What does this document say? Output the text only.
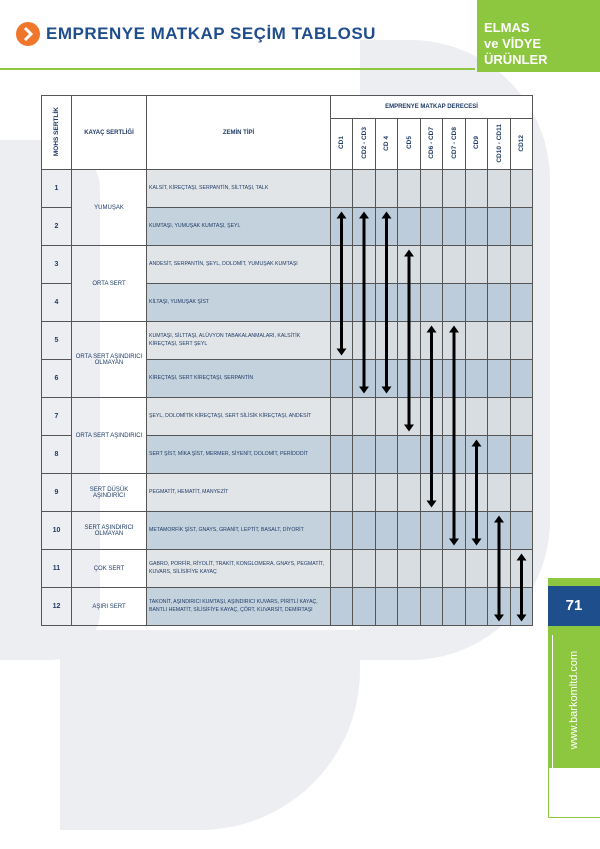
EMPRENYE MATKAP SEÇİM TABLOSU	ELMAS
ve VİDYE
ÜRÜNLER
MOHS SERTLİK	KAYAÇ SERTLİĞİ	ZEMİN TİPİ	EMPRENYE MATKAP DERECESİ								
			CD1	CD2 - CD3	CD 4	CD5	CD6 - CD7	CD7 - CD8	CD9	CD10 - CD11	CD12
1	YUMUŞAK	KALSİT, KİREÇTAŞI, SERPANTİN, SİLTTAŞI, TALK									
2		KUMTAŞI, YUMUŞAK KUMTAŞI, ŞEYL									
3	ORTA SERT	ANDESİT, SERPANTİN, ŞEYL, DOLOMİT, YUMUŞAK KUMTAŞI									
4		KİLTAŞI, YUMUŞAK ŞİST									
5	ORTA SERT AŞINDIRICI OLMAYAN	KUMTAŞI, SİLTTAŞI, ALÜVYON TABAKALANMALARI, KALSİTİK KİREÇTAŞI, SERT ŞEYL									
6		KİREÇTAŞI, SERT KİREÇTAŞI, SERPANTİN									
7	ORTA SERT AŞINDIRICI	ŞEYL, DOLOMİTİK KİREÇTAŞI, SERT SİLİSİK KİREÇTAŞI, ANDESİT									
8		SERT ŞİST, MİKA ŞİST, MERMER, SİYENİT, DOLOMİT, PERİDODİT									
9	SERT DÜŞÜK AŞINDIRICI	PEGMATİT, HEMATİT, MANYEZİT									
10	SERT AŞINDIRICI OLMAYAN	METAMORFİK ŞİST, GNAYS, GRANİT, LEPTİT, BASALT, DİYORİT									
11	ÇOK SERT	GABRO, PORFİR, RİYOLİT, TRAKİT, KONGLOMERA, GNAYS, PEGMATİT, KUVARS, SİLİSİFİYE KAYAÇ									
12	AŞIRI SERT	TAKONİT, AŞINDIRICI KUMTAŞI, AŞINDIRICI KUVARS, PİRİTLİ KAYAÇ, BANTLI HEMATİT, SİLİSİFİYE KAYAÇ, ÇÖRT, KUVARSİT, DEMİRTAŞI										71
www.barkomltd.com
